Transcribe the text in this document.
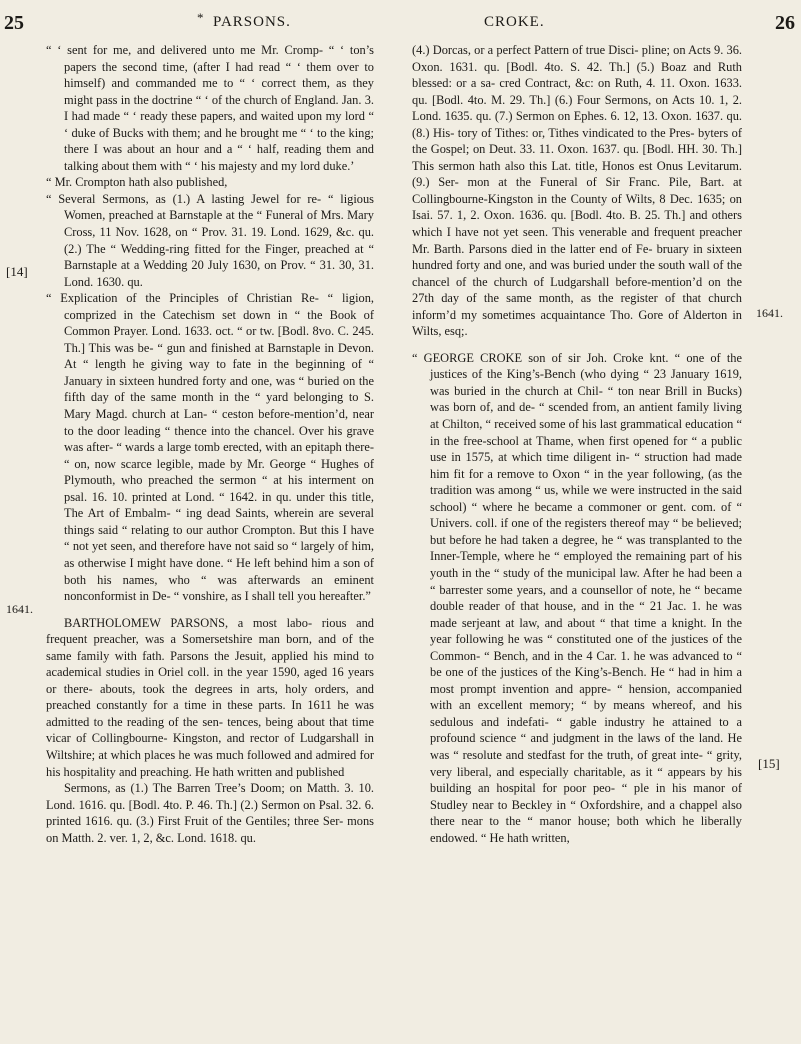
25
*	PARSONS.	CROKE.	26
[14]
1641.
1641.
[15]

“ ‘ sent for me, and delivered unto me Mr. Cromp- “ ‘ ton’s papers the second time, (after I had read “ ‘ them over to himself) and commanded me to “ ‘ correct them, as they might pass in the doctrine “ ‘ of the church of England. Jan. 3. I had made “ ‘ ready these papers, and waited upon my lord “ ‘ duke of Bucks with them; and he brought me “ ‘ to the king; there I was about an hour and a “ ‘ half, reading them and talking about them with “ ‘ his majesty and my lord duke.’

“ Mr. Crompton hath also published,

“ Several Sermons, as (1.) A lasting Jewel for re- “ ligious Women, preached at Barnstaple at the “ Funeral of Mrs. Mary Cross, 11 Nov. 1628, on “ Prov. 31. 19. Lond. 1629, &c. qu. (2.) The “ Wedding-ring fitted for the Finger, preached at “ Barnstaple at a Wedding 20 July 1630, on Prov. “ 31. 30, 31. Lond. 1630. qu.

“ Explication of the Principles of Christian Re- “ ligion, comprized in the Catechism set down in “ the Book of Common Prayer. Lond. 1633. oct. “ or tw. [Bodl. 8vo. C. 245. Th.] This was be- “ gun and finished at Barnstaple in Devon. At “ length he giving way to fate in the beginning of “ January in sixteen hundred forty and one, was “ buried on the fifth day of the same month in the “ yard belonging to S. Mary Magd. church at Lan- “ ceston before-mention’d, near to the door leading “ thence into the chancel. Over his grave was after- “ wards a large tomb erected, with an epitaph there- “ on, now scarce legible, made by Mr. George “ Hughes of Plymouth, who preached the sermon “ at his interment on psal. 16. 10. printed at Lond. “ 1642. in qu. under this title, The Art of Embalm- “ ing dead Saints, wherein are several things said “ relating to our author Crompton. But this I have “ not yet seen, and therefore have not said so “ largely of him, as otherwise I might have done. “ He left behind him a son of both his names, who “ was afterwards an eminent nonconformist in De- “ vonshire, as I shall tell you hereafter.”

BARTHOLOMEW PARSONS, a most labo- rious and frequent preacher, was a Somersetshire man born, and of the same family with fath. Parsons the Jesuit, applied his mind to academical studies in Oriel coll. in the year 1590, aged 16 years or there- abouts, took the degrees in arts, holy orders, and preached constantly for a time in these parts. In 1611 he was admitted to the reading of the sen- tences, being about that time vicar of Collingbourne- Kingston, and rector of Ludgarshall in Wiltshire; at which places he was much followed and admired for his hospitality and preaching. He hath written and published

Sermons, as (1.) The Barren Tree’s Doom; on Matth. 3. 10. Lond. 1616. qu. [Bodl. 4to. P. 46. Th.] (2.) Sermon on Psal. 32. 6. printed 1616. qu. (3.) First Fruit of the Gentiles; three Ser- mons on Matth. 2. ver. 1, 2, &c. Lond. 1618. qu.

(4.) Dorcas, or a perfect Pattern of true Disci- pline; on Acts 9. 36. Oxon. 1631. qu. [Bodl. 4to. S. 42. Th.] (5.) Boaz and Ruth blessed: or a sa- cred Contract, &c: on Ruth, 4. 11. Oxon. 1633. qu. [Bodl. 4to. M. 29. Th.] (6.) Four Sermons, on Acts 10. 1, 2. Lond. 1635. qu. (7.) Sermon on Ephes. 6. 12, 13. Oxon. 1637. qu. (8.) His- tory of Tithes: or, Tithes vindicated to the Pres- byters of the Gospel; on Deut. 33. 11. Oxon. 1637. qu. [Bodl. HH. 30. Th.] This sermon hath also this Lat. title, Honos est Onus Levitarum. (9.) Ser- mon at the Funeral of Sir Franc. Pile, Bart. at Collingbourne-Kingston in the County of Wilts, 8 Dec. 1635; on Isai. 57. 1, 2. Oxon. 1636. qu. [Bodl. 4to. B. 25. Th.] and others which I have not yet seen. This venerable and frequent preacher Mr. Barth. Parsons died in the latter end of Fe- bruary in sixteen hundred forty and one, and was buried under the south wall of the chancel of the church of Ludgarshall before-mention’d on the 27th day of the same month, as the register of that church inform’d my sometimes acquaintance Tho. Gore of Alderton in Wilts, esq;.

“ GEORGE CROKE son of sir Joh. Croke knt. “ one of the justices of the King’s-Bench (who dying “ 23 January 1619, was buried in the church at Chil- “ ton near Brill in Bucks) was born of, and de- “ scended from, an antient family living at Chilton, “ received some of his last grammatical education “ in the free-school at Thame, when first opened for “ a public use in 1575, at which time diligent in- “ struction had made him fit for a remove to Oxon “ in the year following, (as the tradition was among “ us, while we were instructed in the said school) “ where he became a commoner or gent. com. of “ Univers. coll. if one of the registers thereof may “ be believed; but before he had taken a degree, he “ was transplanted to the Inner-Temple, where he “ employed the remaining part of his youth in the “ study of the municipal law. After he had been a “ barrester some years, and a counsellor of note, he “ became double reader of that house, and in the “ 21 Jac. 1. he was made serjeant at law, and about “ that time a knight. In the year following he was “ constituted one of the justices of the Common- “ Bench, and in the 4 Car. 1. he was advanced to “ be one of the justices of the King’s-Bench. He “ had in him a most prompt invention and appre- “ hension, accompanied with an excellent memory; “ by means whereof, and his sedulous and indefati- “ gable industry he attained to a profound science “ and judgment in the laws of the land. He was “ resolute and stedfast for the truth, of great inte- “ grity, very liberal, and especially charitable, as it “ appears by his building an hospital for poor peo- “ ple in his manor of Studley near to Beckley in “ Oxfordshire, and a chappel also there near to the “ manor house; both which he liberally endowed. “ He hath written,
